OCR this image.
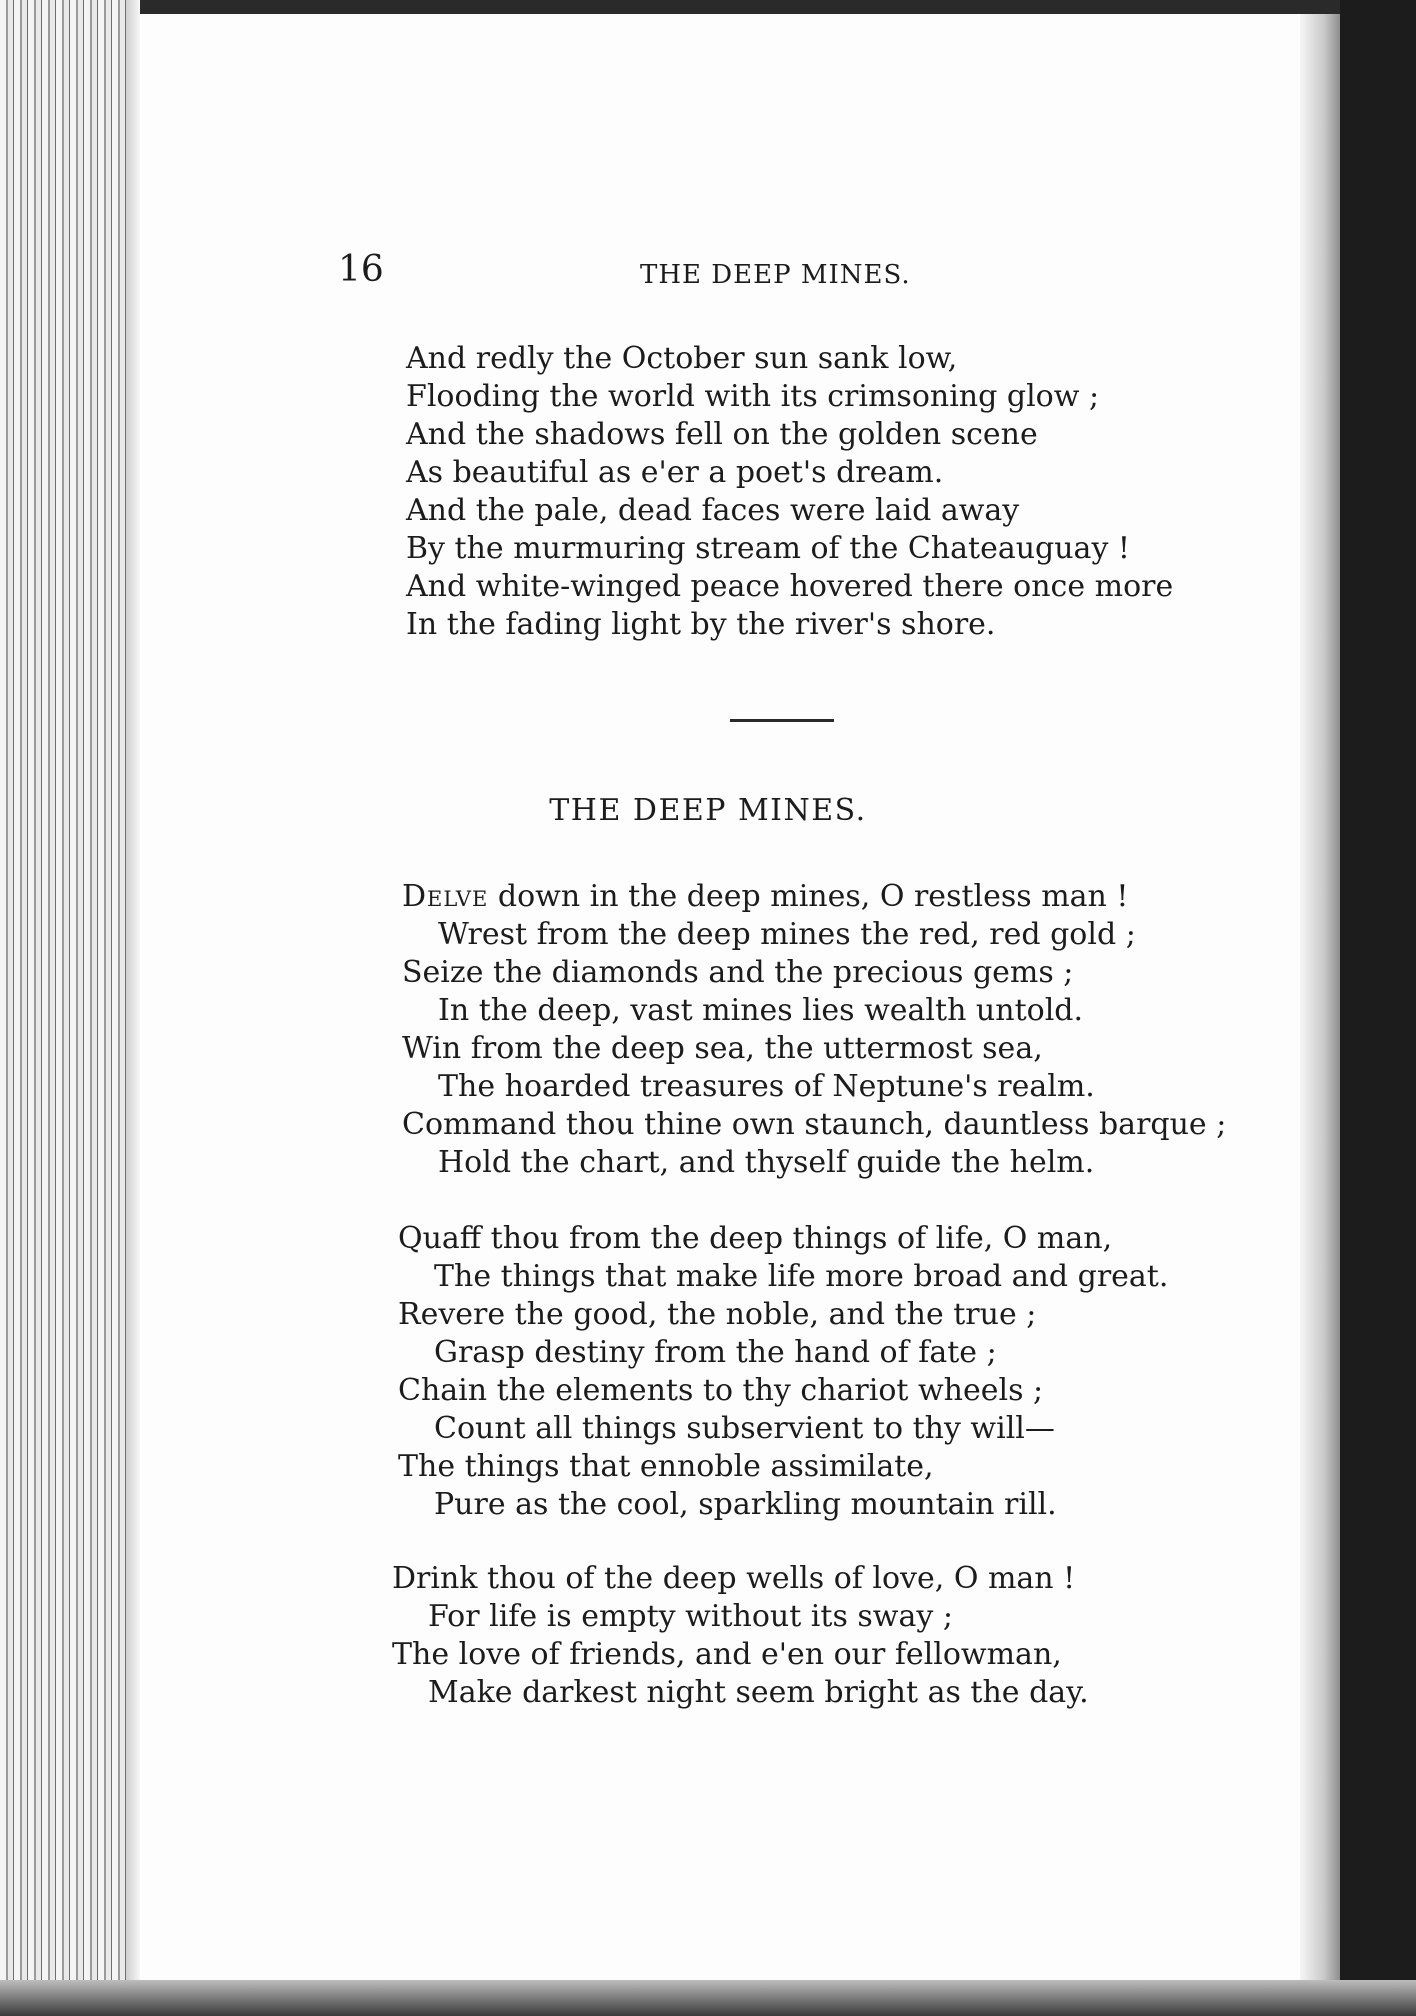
16	THE DEEP MINES.
And redly the October sun sank low,
Flooding the world with its crimsoning glow ;
And the shadows fell on the golden scene
As beautiful as e'er a poet's dream.
And the pale, dead faces were laid away
By the murmuring stream of the Chateauguay !
And white-winged peace hovered there once more
In the fading light by the river's shore.
THE DEEP MINES.
Delve down in the deep mines, O restless man !
Wrest from the deep mines the red, red gold ;
Seize the diamonds and the precious gems ;
In the deep, vast mines lies wealth untold.
Win from the deep sea, the uttermost sea,
The hoarded treasures of Neptune's realm.
Command thou thine own staunch, dauntless barque ;
Hold the chart, and thyself guide the helm.
Quaff thou from the deep things of life, O man,
The things that make life more broad and great.
Revere the good, the noble, and the true ;
Grasp destiny from the hand of fate ;
Chain the elements to thy chariot wheels ;
Count all things subservient to thy will—
The things that ennoble assimilate,
Pure as the cool, sparkling mountain rill.
Drink thou of the deep wells of love, O man !
For life is empty without its sway ;
The love of friends, and e'en our fellowman,
Make darkest night seem bright as the day.
